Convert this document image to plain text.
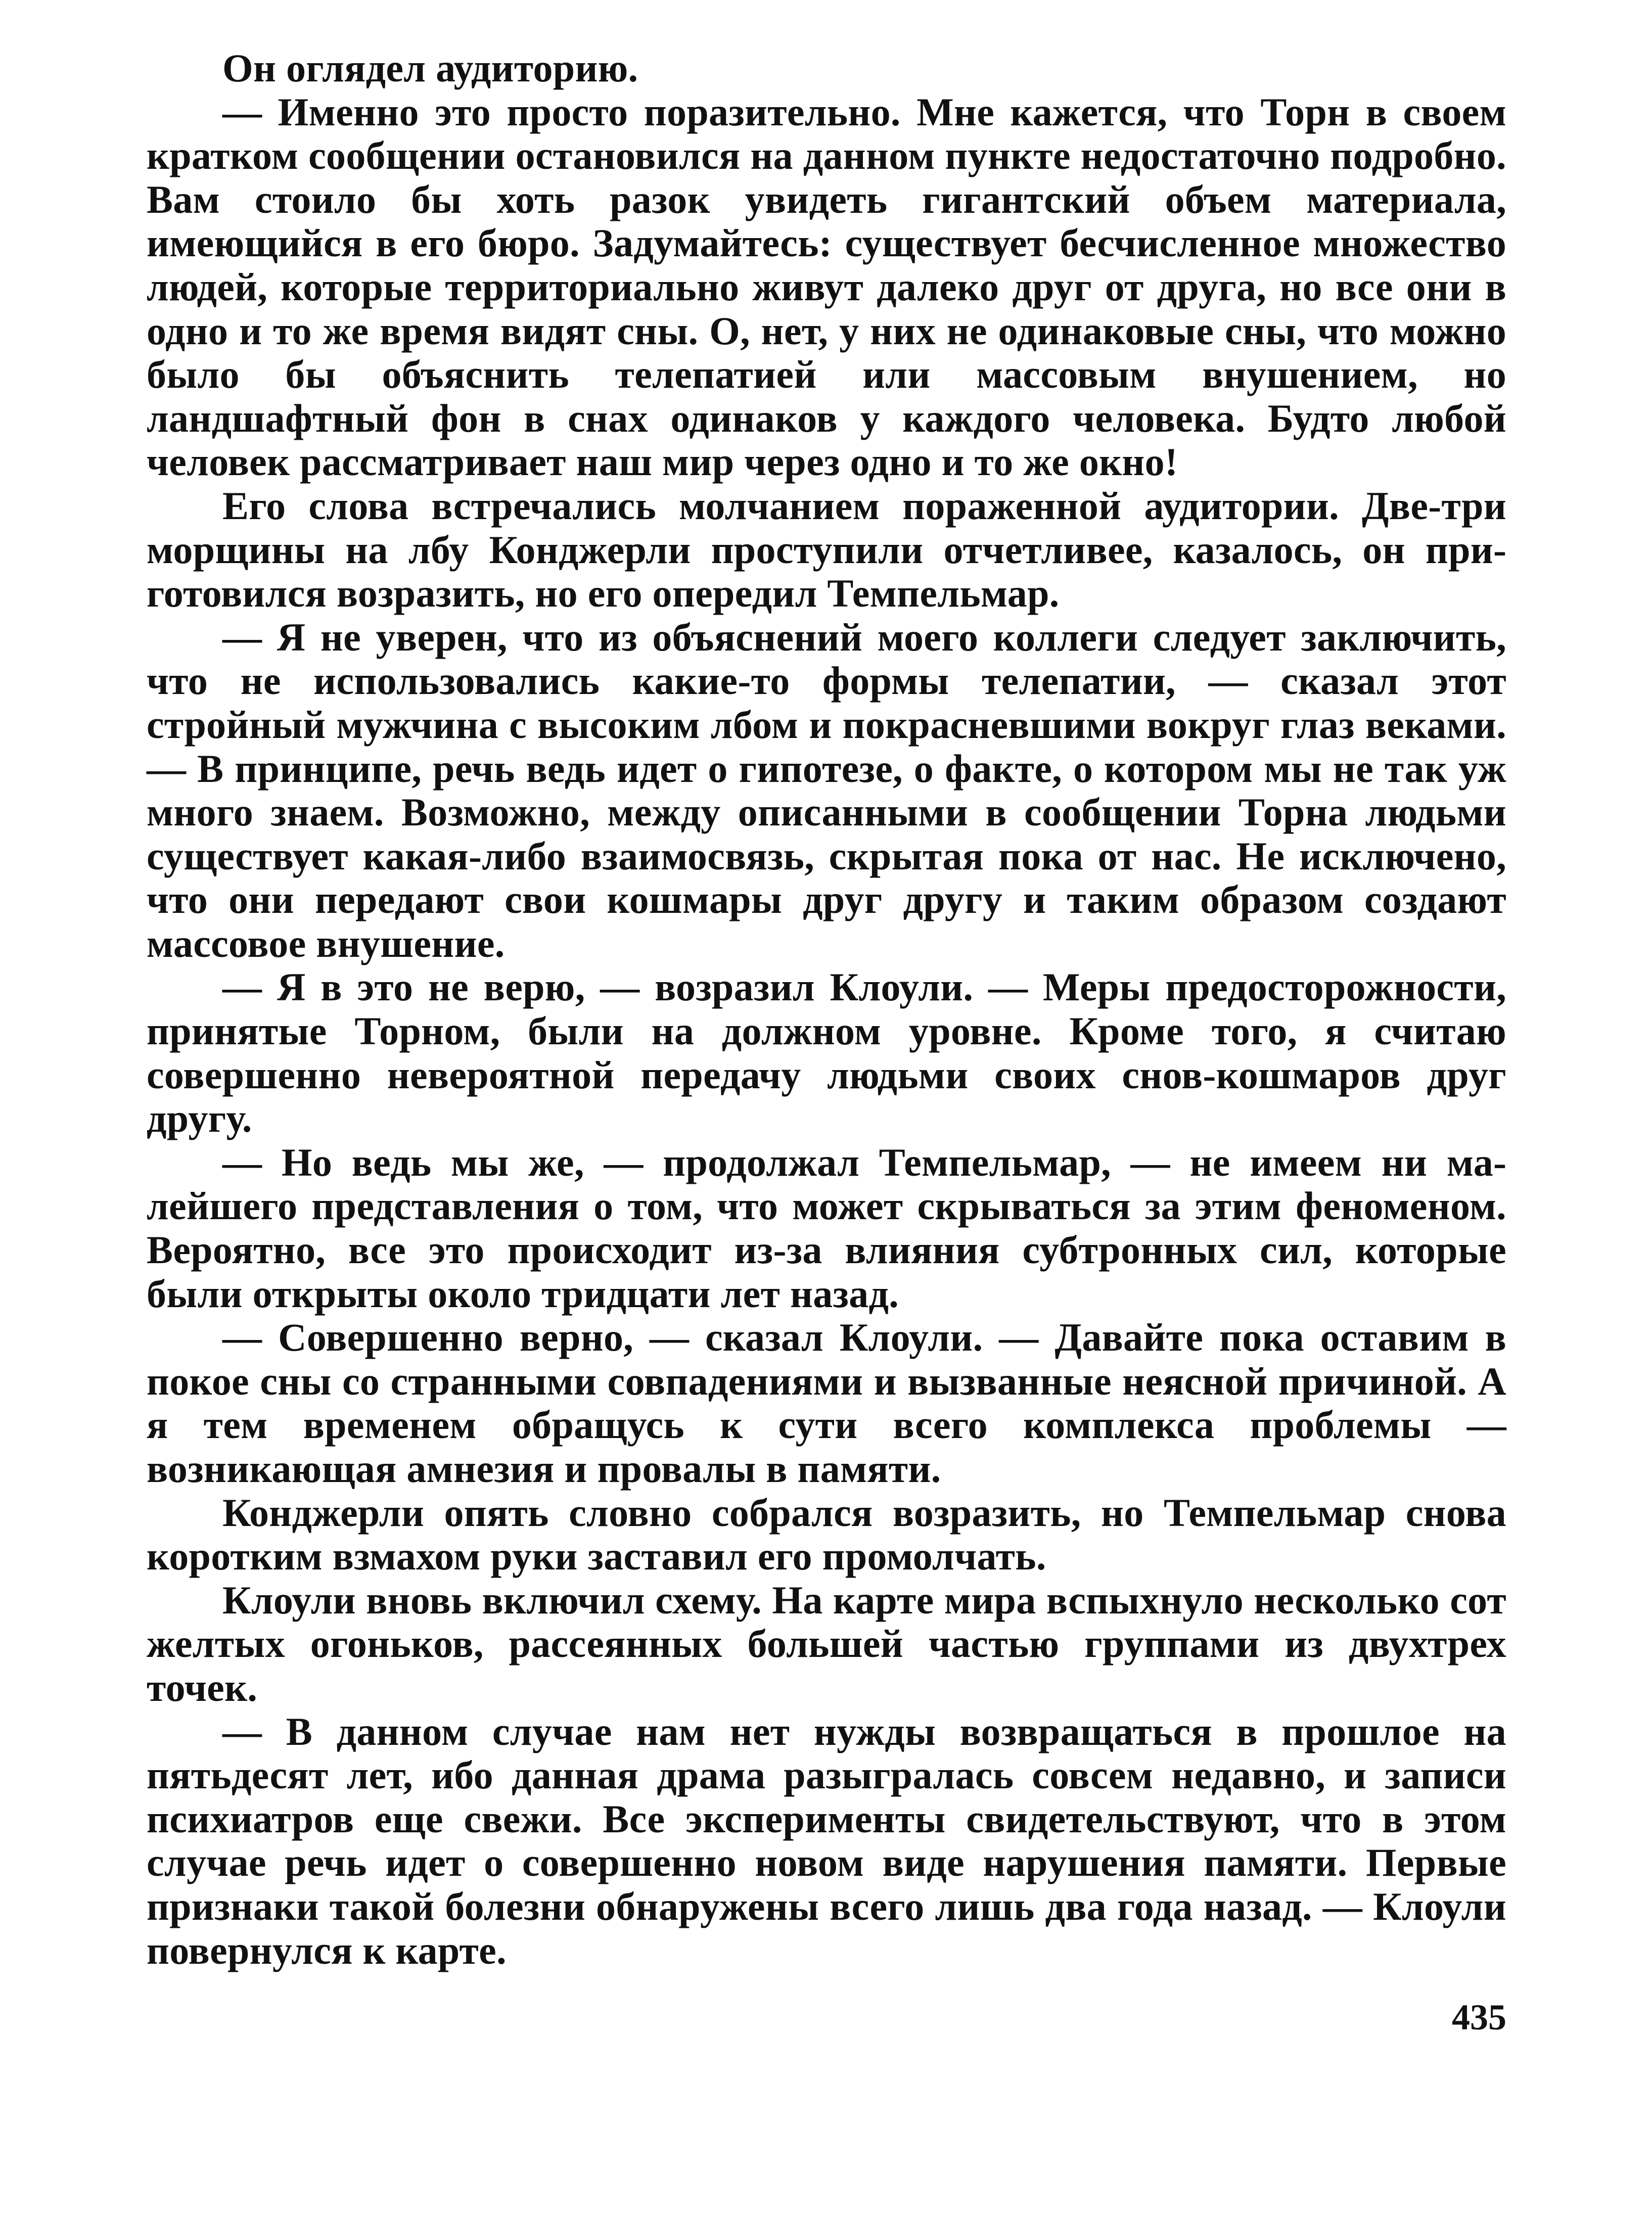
Он оглядел аудиторию.

— Именно это просто поразительно. Мне кажется, что Торн в своем кратком сообщении остановился на данном пункте недостаточно подробно. Вам стоило бы хоть разок увидеть гигантский объем материала, имеющийся в его бюро. Задумайтесь: существует бесчисленное множество людей, которые территориально живут далеко друг от друга, но все они в одно и то же время видят сны. О, нет, у них не одинаковые сны, что можно было бы объяснить телепатией или массовым внушением, но ландшафтный фон в снах одинаков у каждого человека. Будто любой человек рассматривает наш мир через одно и то же окно!

Его слова встречались молчанием пораженной аудитории. Две-три морщины на лбу Конджерли проступили отчетливее, казалось, он приготовился возразить, но его опередил Темпельмар.

— Я не уверен, что из объяснений моего коллеги следует заключить, что не использовались какие-то формы телепатии, — сказал этот стройный мужчина с высоким лбом и покрасневшими вокруг глаз веками. — В принципе, речь ведь идет о гипотезе, о факте, о котором мы не так уж много знаем. Возможно, между описанными в сообщении Торна людьми существует какая-либо взаимосвязь, скрытая пока от нас. Не исключено, что они передают свои кошмары друг другу и таким образом создают массовое внушение.

— Я в это не верю, — возразил Клоули. — Меры предосторожности, принятые Торном, были на должном уровне. Кроме того, я считаю совершенно невероятной передачу людьми своих снов-кошмаров друг другу.

— Но ведь мы же, — продолжал Темпельмар, — не имеем ни малейшего представления о том, что может скрываться за этим феноменом. Вероятно, все это происходит из-за влияния субтронных сил, которые были открыты около тридцати лет назад.

— Совершенно верно, — сказал Клоули. — Давайте пока оставим в покое сны со странными совпадениями и вызванные неясной причиной. А я тем временем обращусь к сути всего комплекса проблемы — возникающая амнезия и провалы в памяти.

Конджерли опять словно собрался возразить, но Темпельмар снова коротким взмахом руки заставил его промолчать.

Клоули вновь включил схему. На карте мира вспыхнуло несколько сот желтых огоньков, рассеянных большей частью группами из двухтрех точек.

— В данном случае нам нет нужды возвращаться в прошлое на пятьдесят лет, ибо данная драма разыгралась совсем недавно, и записи психиатров еще свежи. Все эксперименты свидетельствуют, что в этом случае речь идет о совершенно новом виде нарушения памяти. Первые признаки такой болезни обнаружены всего лишь два года назад. — Клоули повернулся к карте.

435
